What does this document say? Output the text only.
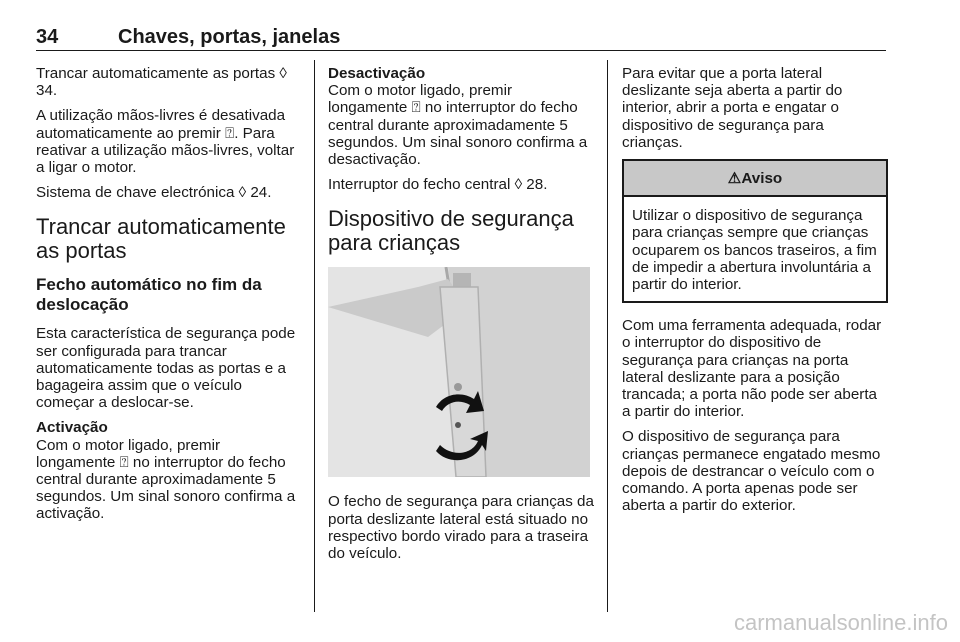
34	Chaves, portas, janelas

Trancar automaticamente as portas ◊ 34.

A utilização mãos-livres é desativada automaticamente ao premir ⍰. Para reativar a utilização mãos-livres, voltar a ligar o motor.

Sistema de chave electrónica ◊ 24.

Trancar automaticamente as portas
Fecho automático no fim da deslocação

Esta característica de segurança pode ser configurada para trancar automaticamente todas as portas e a bagageira assim que o veículo começar a deslocar-se.

Activação

Com o motor ligado, premir longamente ⍰ no interruptor do fecho central durante aproximadamente 5 segundos. Um sinal sonoro confirma a activação.

Desactivação

Com o motor ligado, premir longamente ⍰ no interruptor do fecho central durante aproximadamente 5 segundos. Um sinal sonoro confirma a desactivação.

Interruptor do fecho central ◊ 28.

Dispositivo de segurança para crianças

O fecho de segurança para crianças da porta deslizante lateral está situado no respectivo bordo virado para a traseira do veículo.

Para evitar que a porta lateral deslizante seja aberta a partir do interior, abrir a porta e engatar o dispositivo de segurança para crianças.

⚠Aviso
Utilizar o dispositivo de segurança para crianças sempre que crianças ocuparem os bancos traseiros, a fim de impedir a abertura involuntária a partir do interior.

Com uma ferramenta adequada, rodar o interruptor do dispositivo de segurança para crianças na porta lateral deslizante para a posição trancada; a porta não pode ser aberta a partir do interior.

O dispositivo de segurança para crianças permanece engatado mesmo depois de destrancar o veículo com o comando. A porta apenas pode ser aberta a partir do exterior.

carmanualsonline.info
